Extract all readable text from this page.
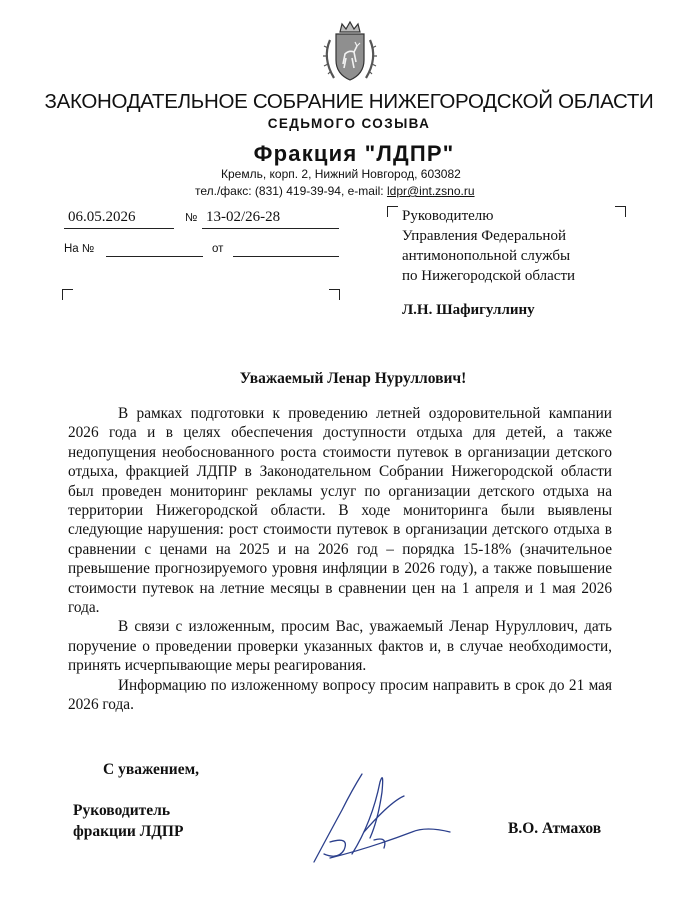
ЗАКОНОДАТЕЛЬНОЕ СОБРАНИЕ НИЖЕГОРОДСКОЙ ОБЛАСТИ
СЕДЬМОГО СОЗЫВА
Фракция "ЛДПР"
Кремль, корп. 2, Нижний Новгород, 603082
тел./факс: (831) 419-39-94, e-mail: ldpr@int.zsno.ru
06.05.2026	№ 13-02/26-28
На №	от
Руководителю
Управления Федеральной
антимонопольной службы
по Нижегородской области
Л.Н. Шафигуллину
Уважаемый Ленар Нуруллович!

В рамках подготовки к проведению летней оздоровительной кампании 2026 года и в целях обеспечения доступности отдыха для детей, а также недопущения необоснованного роста стоимости путевок в организации детского отдыха, фракцией ЛДПР в Законодательном Собрании Нижегородской области был проведен мониторинг рекламы услуг по организации детского отдыха на территории Нижегородской области. В ходе мониторинга были выявлены следующие нарушения: рост стоимости путевок в организации детского отдыха в сравнении с ценами на 2025 и на 2026 год – порядка 15-18% (значительное превышение прогнозируемого уровня инфляции в 2026 году), а также повышение стоимости путевок на летние месяцы в сравнении цен на 1 апреля и 1 мая 2026 года.

В связи с изложенным, просим Вас, уважаемый Ленар Нуруллович, дать поручение о проведении проверки указанных фактов и, в случае необходимости, принять исчерпывающие меры реагирования.

Информацию по изложенному вопросу просим направить в срок до 21 мая 2026 года.

С уважением,
Руководитель
фракции ЛДПР	В.О. Атмахов
